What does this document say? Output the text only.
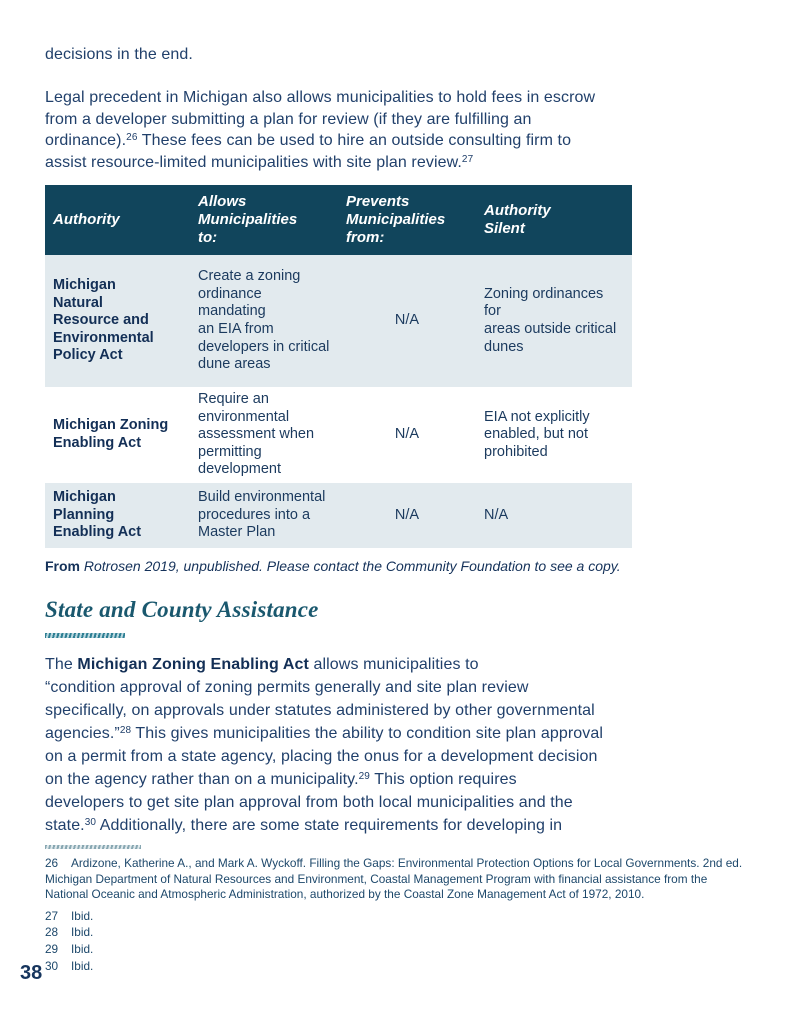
decisions in the end.
Legal precedent in Michigan also allows municipalities to hold fees in escrow
from a developer submitting a plan for review (if they are fulfilling an
ordinance).$^{26}$ These fees can be used to hire an outside consulting firm to
assist resource-limited municipalities with site plan review.$^{27}$
Authority
Allows
Municipalities
to:
Prevents
Municipalities
from:
Authority
Silent
Michigan
Natural
Resource and
Environmental
Policy Act
Create a zoning
ordinance mandating
an EIA from
developers in critical
dune areas
N/A
Zoning ordinances for
areas outside critical
dunes
Michigan Zoning
Enabling Act
Require an
environmental
assessment when
permitting
development
N/A
EIA not explicitly
enabled, but not
prohibited
Michigan
Planning
Enabling Act
Build environmental
procedures into a
Master Plan
N/A	N/A
From Rotrosen 2019, unpublished. Please contact the Community Foundation to see a copy.
State and County Assistance
The Michigan Zoning Enabling Act allows municipalities to
“condition approval of zoning permits generally and site plan review
specifically, on approvals under statutes administered by other governmental
agencies.”$^{28}$ This gives municipalities the ability to condition site plan approval
on a permit from a state agency, placing the onus for a development decision
on the agency rather than on a municipality.$^{29}$ This option requires
developers to get site plan approval from both local municipalities and the
state.$^{30}$ Additionally, there are some state requirements for developing in
26 Ardizone, Katherine A., and Mark A. Wyckoff. Filling the Gaps: Environmental Protection Options for Local Governments. 2nd ed. Michigan Department of Natural Resources and Environment, Coastal Management Program with financial assistance from the National Oceanic and Atmospheric Administration, authorized by the Coastal Zone Management Act of 1972, 2010.
27 Ibid.
28 Ibid.
29 Ibid.
30 Ibid.
38
